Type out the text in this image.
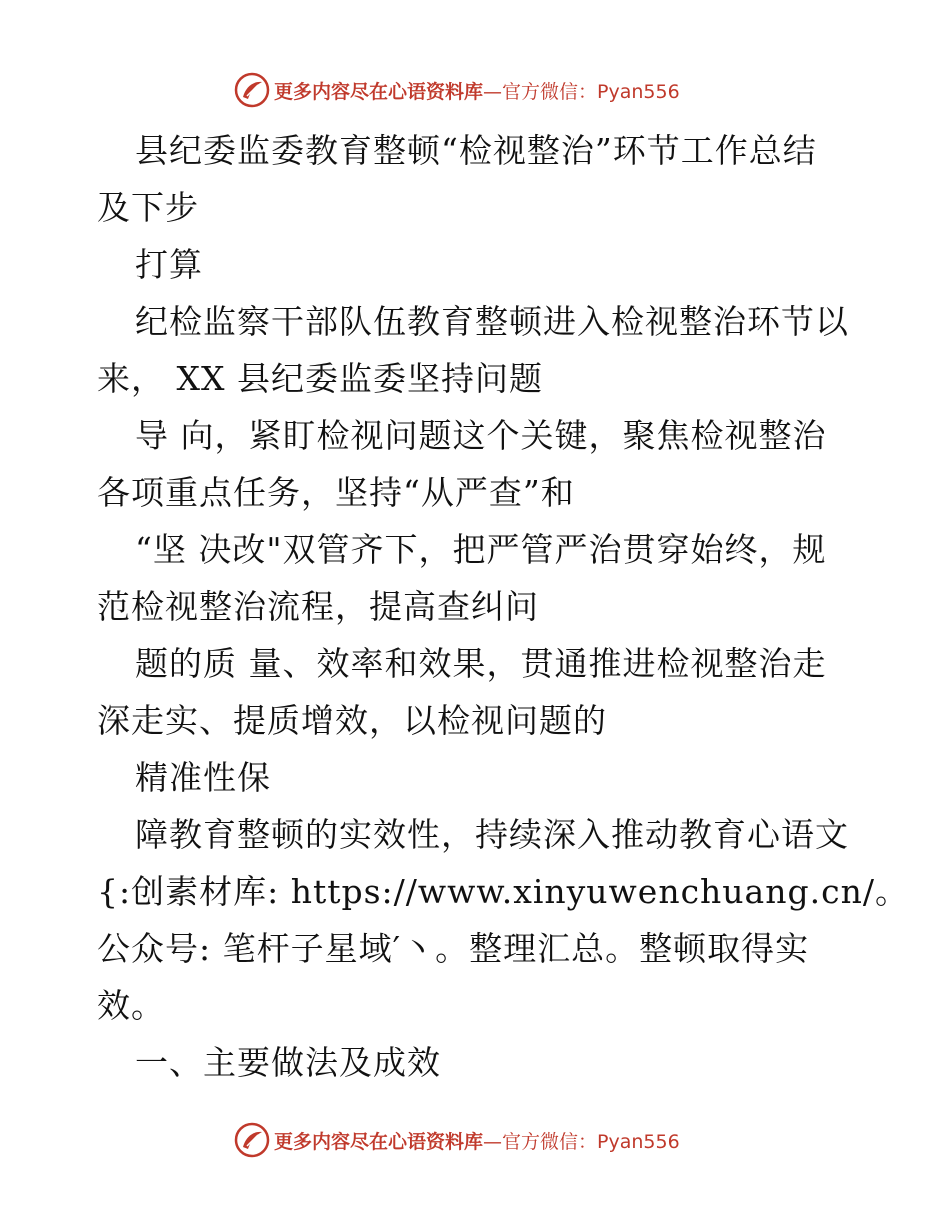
更多内容尽在心语资料库—官方微信：Pyan556
县纪委监委教育整顿“检视整治”环节工作总结
及下步
打算
纪检监察干部队伍教育整顿进入检视整治环节以
来， XX 县纪委监委坚持问题
导 向，紧盯检视问题这个关键，聚焦检视整治
各项重点任务，坚持“从严查”和
“坚 决改"双管齐下，把严管严治贯穿始终，规
范检视整治流程，提高查纠问
题的质 量、效率和效果，贯通推进检视整治走
深走实、提质增效，以检视问题的
精准性保
障教育整顿的实效性，持续深入推动教育心语文
{:创素材库: https://www.xinyuwenchuang.cn/。
公众号: 笔杆子星域′丶。整理汇总。整顿取得实
效。
一、主要做法及成效
更多内容尽在心语资料库—官方微信：Pyan556
